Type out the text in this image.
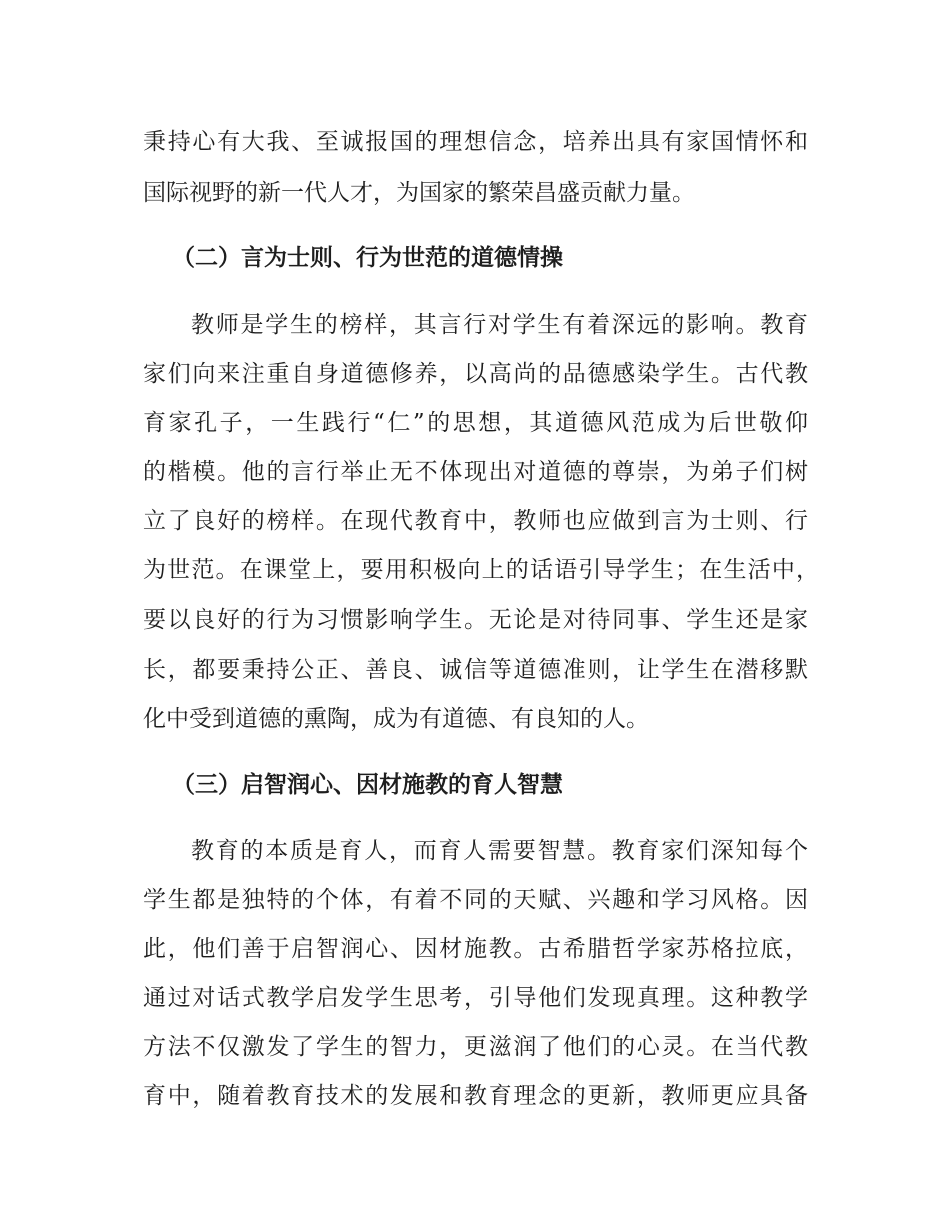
秉持心有大我、至诚报国的理想信念，培养出具有家国情怀和
国际视野的新一代人才，为国家的繁荣昌盛贡献力量。
（二）言为士则、行为世范的道德情操
教师是学生的榜样，其言行对学生有着深远的影响。教育
家们向来注重自身道德修养，以高尚的品德感染学生。古代教
育家孔子，一生践行“仁”的思想，其道德风范成为后世敬仰
的楷模。他的言行举止无不体现出对道德的尊崇，为弟子们树
立了良好的榜样。在现代教育中，教师也应做到言为士则、行
为世范。在课堂上，要用积极向上的话语引导学生；在生活中，
要以良好的行为习惯影响学生。无论是对待同事、学生还是家
长，都要秉持公正、善良、诚信等道德准则，让学生在潜移默
化中受到道德的熏陶，成为有道德、有良知的人。
（三）启智润心、因材施教的育人智慧
教育的本质是育人，而育人需要智慧。教育家们深知每个
学生都是独特的个体，有着不同的天赋、兴趣和学习风格。因
此，他们善于启智润心、因材施教。古希腊哲学家苏格拉底，
通过对话式教学启发学生思考，引导他们发现真理。这种教学
方法不仅激发了学生的智力，更滋润了他们的心灵。在当代教
育中，随着教育技术的发展和教育理念的更新，教师更应具备
